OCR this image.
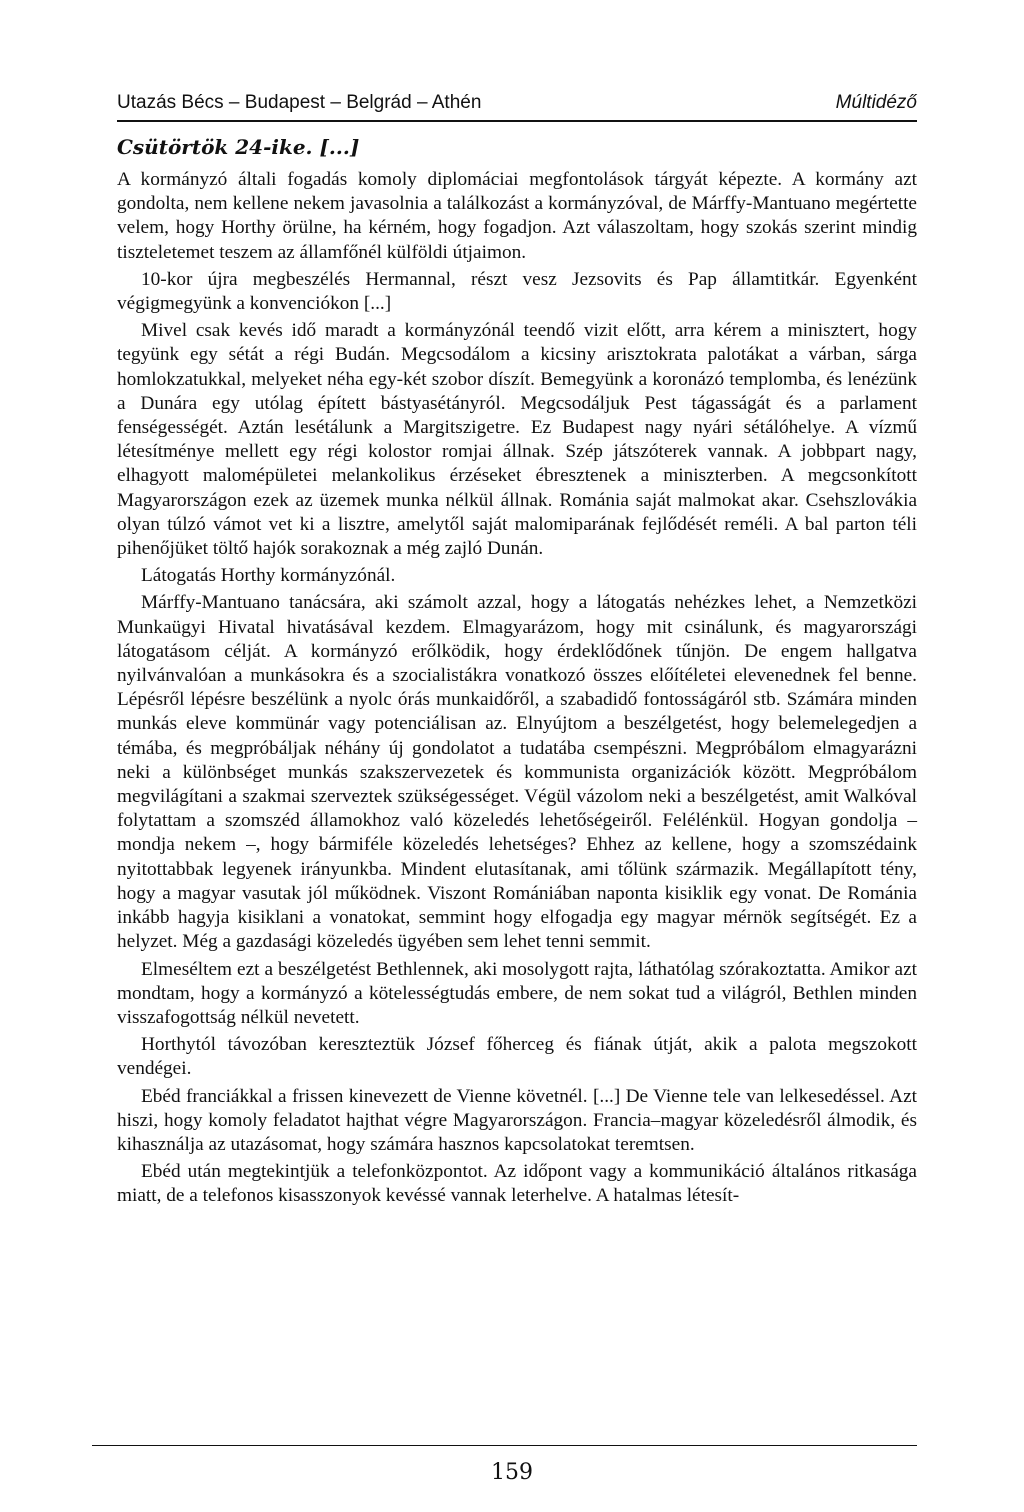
Utazás Bécs – Budapest – Belgrád – Athén	Múltidéző
Csütörtök 24-ike. [...]

A kormányzó általi fogadás komoly diplomáciai megfontolások tárgyát képezte. A kormány azt gondolta, nem kellene nekem javasolnia a találkozást a kormányzóval, de Márffy-Mantuano megértette velem, hogy Horthy örülne, ha kérném, hogy fogadjon. Azt válaszoltam, hogy szokás szerint mindig tiszteletemet teszem az államfőnél külföldi útjaimon.

10-kor újra megbeszélés Hermannal, részt vesz Jezsovits és Pap államtitkár. Egyenként végigmegyünk a konvenciókon [...]

Mivel csak kevés idő maradt a kormányzónál teendő vizit előtt, arra kérem a minisztert, hogy tegyünk egy sétát a régi Budán. Megcsodálom a kicsiny arisztokrata palotákat a várban, sárga homlokzatukkal, melyeket néha egy-két szobor díszít. Bemegyünk a koronázó templomba, és lenézünk a Dunára egy utólag épített bástyasétányról. Megcsodáljuk Pest tágasságát és a parlament fenségességét. Aztán lesétálunk a Margitszigetre. Ez Budapest nagy nyári sétálóhelye. A vízmű létesítménye mellett egy régi kolostor romjai állnak. Szép játszóterek vannak. A jobbpart nagy, elhagyott malomépületei melankolikus érzéseket ébresztenek a miniszterben. A megcsonkított Magyarországon ezek az üzemek munka nélkül állnak. Románia saját malmokat akar. Csehszlovákia olyan túlzó vámot vet ki a lisztre, amelytől saját malomiparának fejlődését reméli. A bal parton téli pihenőjüket töltő hajók sorakoznak a még zajló Dunán.

Látogatás Horthy kormányzónál.

Márffy-Mantuano tanácsára, aki számolt azzal, hogy a látogatás nehézkes lehet, a Nemzetközi Munkaügyi Hivatal hivatásával kezdem. Elmagyarázom, hogy mit csinálunk, és magyarországi látogatásom célját. A kormányzó erőlködik, hogy érdeklődőnek tűnjön. De engem hallgatva nyilvánvalóan a munkásokra és a szocialistákra vonatkozó összes előítéletei elevenednek fel benne. Lépésről lépésre beszélünk a nyolc órás munkaidőről, a szabadidő fontosságáról stb. Számára minden munkás eleve kommünár vagy potenciálisan az. Elnyújtom a beszélgetést, hogy belemelegedjen a témába, és megpróbáljak néhány új gondolatot a tudatába csempészni. Megpróbálom elmagyarázni neki a különbséget munkás szakszervezetek és kommunista organizációk között. Megpróbálom megvilágítani a szakmai szerveztek szükségességet. Végül vázolom neki a beszélgetést, amit Walkóval folytattam a szomszéd államokhoz való közeledés lehetőségeiről. Felélénkül. Hogyan gondolja – mondja nekem –, hogy bármiféle közeledés lehetséges? Ehhez az kellene, hogy a szomszédaink nyitottabbak legyenek irányunkba. Mindent elutasítanak, ami tőlünk származik. Megállapított tény, hogy a magyar vasutak jól működnek. Viszont Romániában naponta kisiklik egy vonat. De Románia inkább hagyja kisiklani a vonatokat, semmint hogy elfogadja egy magyar mérnök segítségét. Ez a helyzet. Még a gazdasági közeledés ügyében sem lehet tenni semmit.

Elmeséltem ezt a beszélgetést Bethlennek, aki mosolygott rajta, láthatólag szórakoztatta. Amikor azt mondtam, hogy a kormányzó a kötelességtudás embere, de nem sokat tud a világról, Bethlen minden visszafogottság nélkül nevetett.

Horthytól távozóban kereszteztük József főherceg és fiának útját, akik a palota megszokott vendégei.

Ebéd franciákkal a frissen kinevezett de Vienne követnél. [...] De Vienne tele van lelkesedéssel. Azt hiszi, hogy komoly feladatot hajthat végre Magyarországon. Francia–magyar közeledésről álmodik, és kihasználja az utazásomat, hogy számára hasznos kapcsolatokat teremtsen.

Ebéd után megtekintjük a telefonközpontot. Az időpont vagy a kommunikáció általános ritkasága miatt, de a telefonos kisasszonyok kevéssé vannak leterhelve. A hatalmas létesít-

159
